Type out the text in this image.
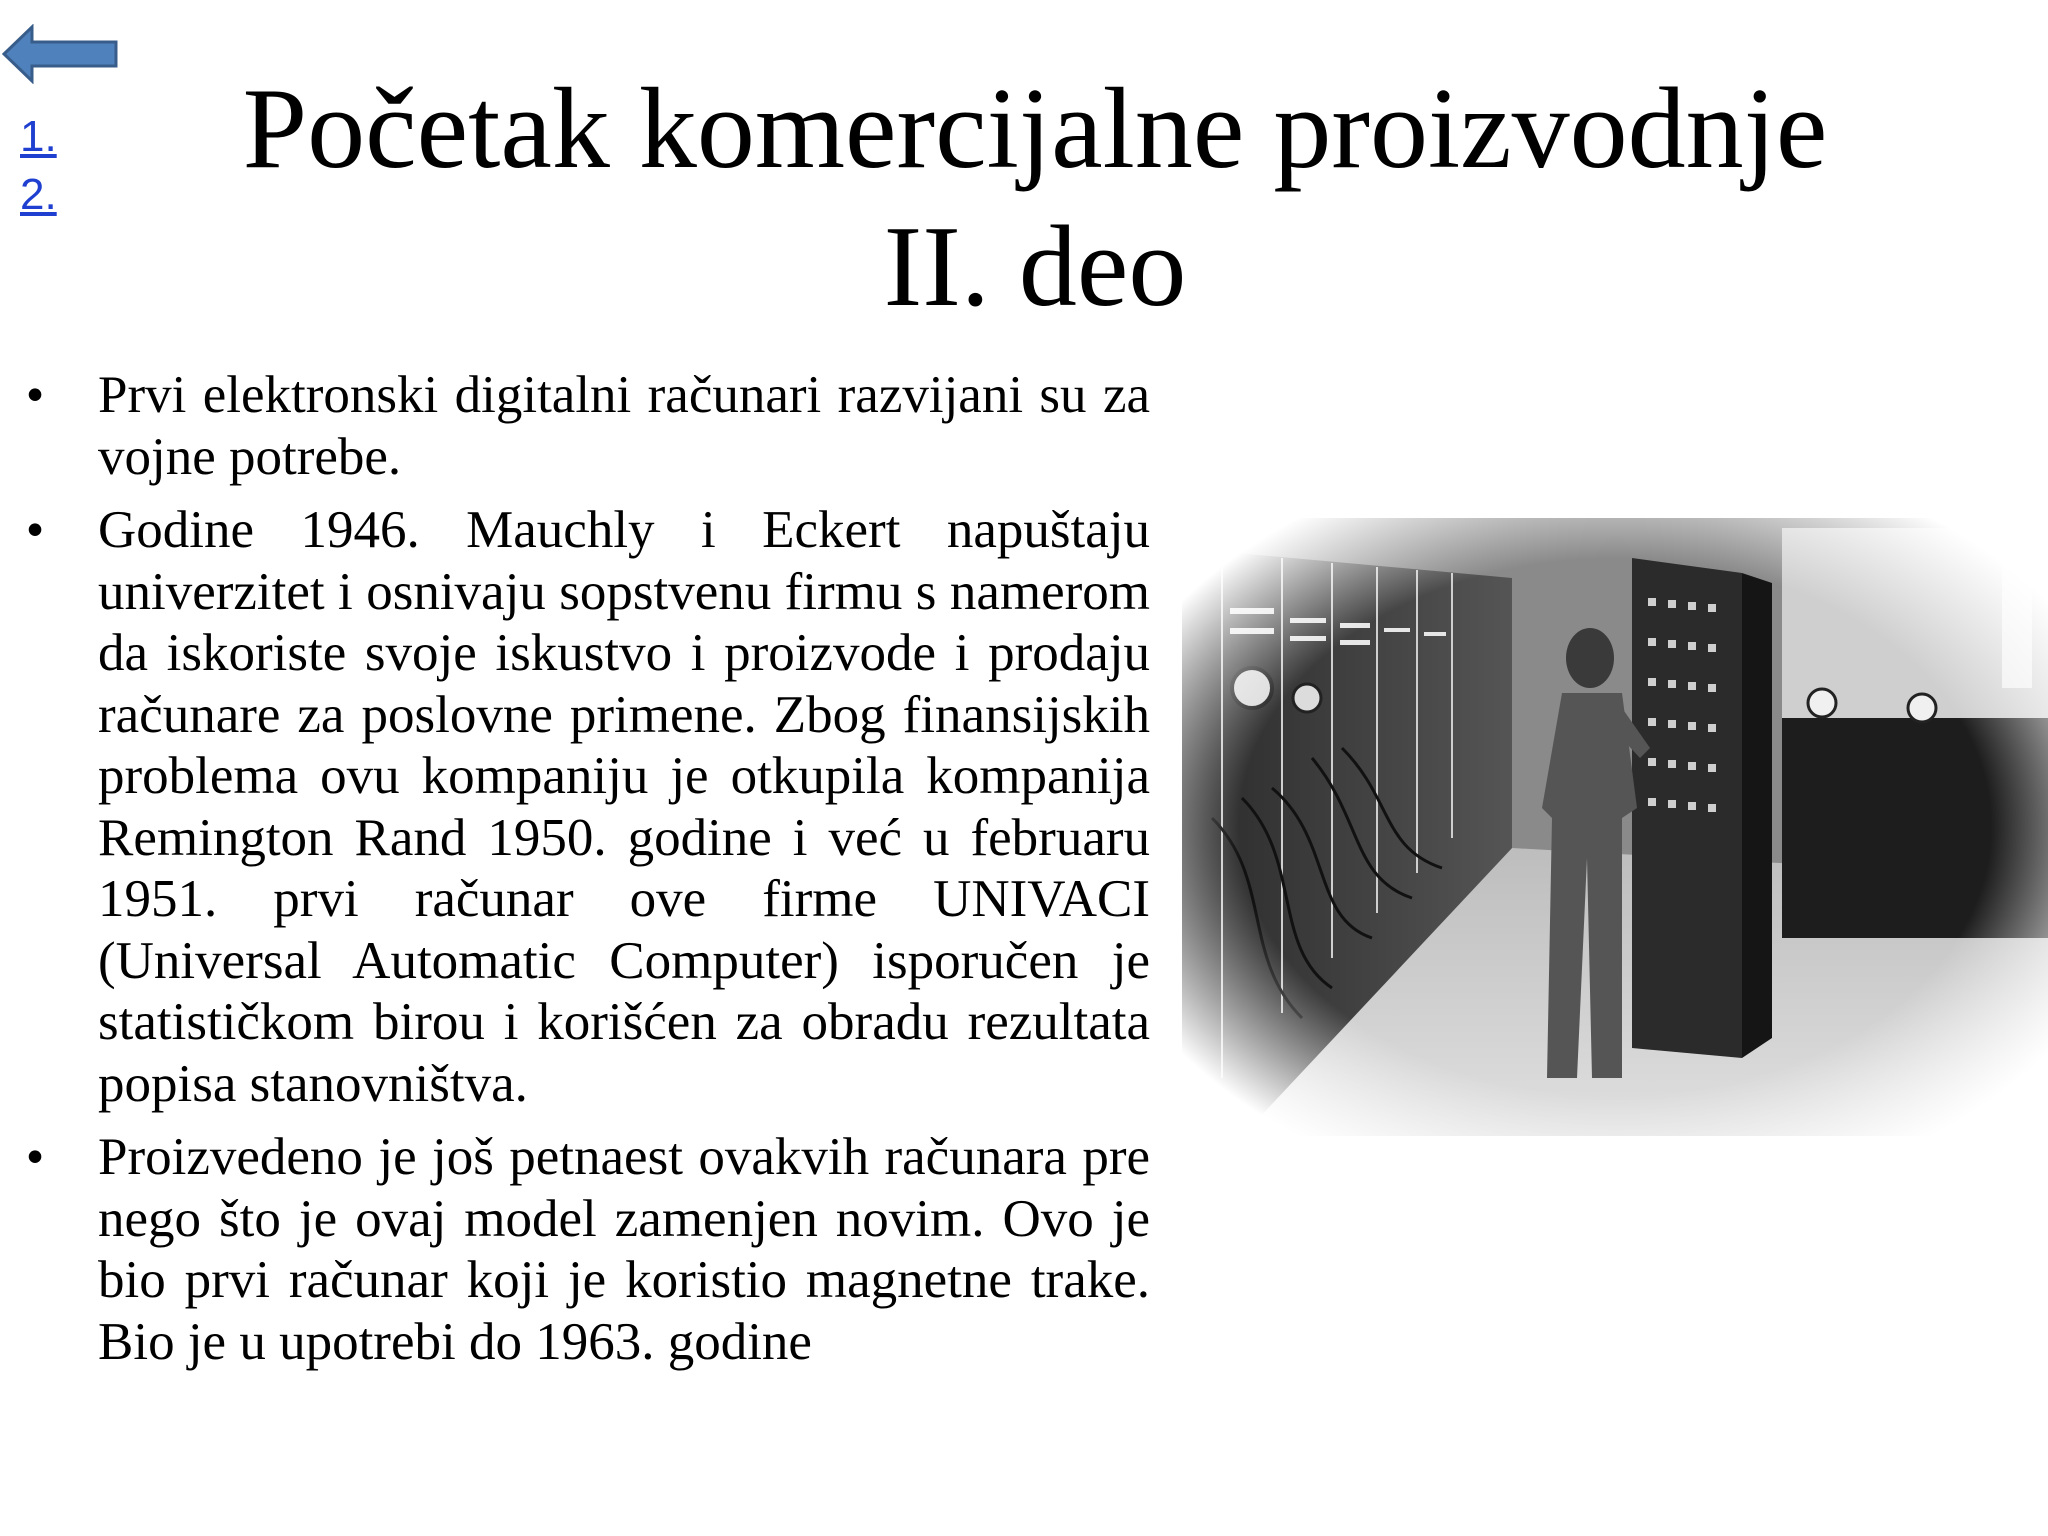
1.
2.
Početak komercijalne proizvodnje
II. deo
• Prvi elektronski digitalni računari razvijani su za vojne potrebe.
• Godine 1946. Mauchly i Eckert napuštaju univerzitet i osnivaju sopstvenu firmu s namerom da iskoriste svoje iskustvo i proizvode i prodaju računare za poslovne primene. Zbog finansijskih problema ovu kompaniju je otkupila kompanija Remington Rand 1950. godine i već u februaru 1951. prvi računar ove firme UNIVACI (Universal Automatic Computer) isporučen je statističkom birou i korišćen za obradu rezultata popisa stanovništva.
• Proizvedeno je još petnaest ovakvih računara pre nego što je ovaj model zamenjen novim. Ovo je bio prvi računar koji je koristio magnetne trake. Bio je u upotrebi do 1963. godine
